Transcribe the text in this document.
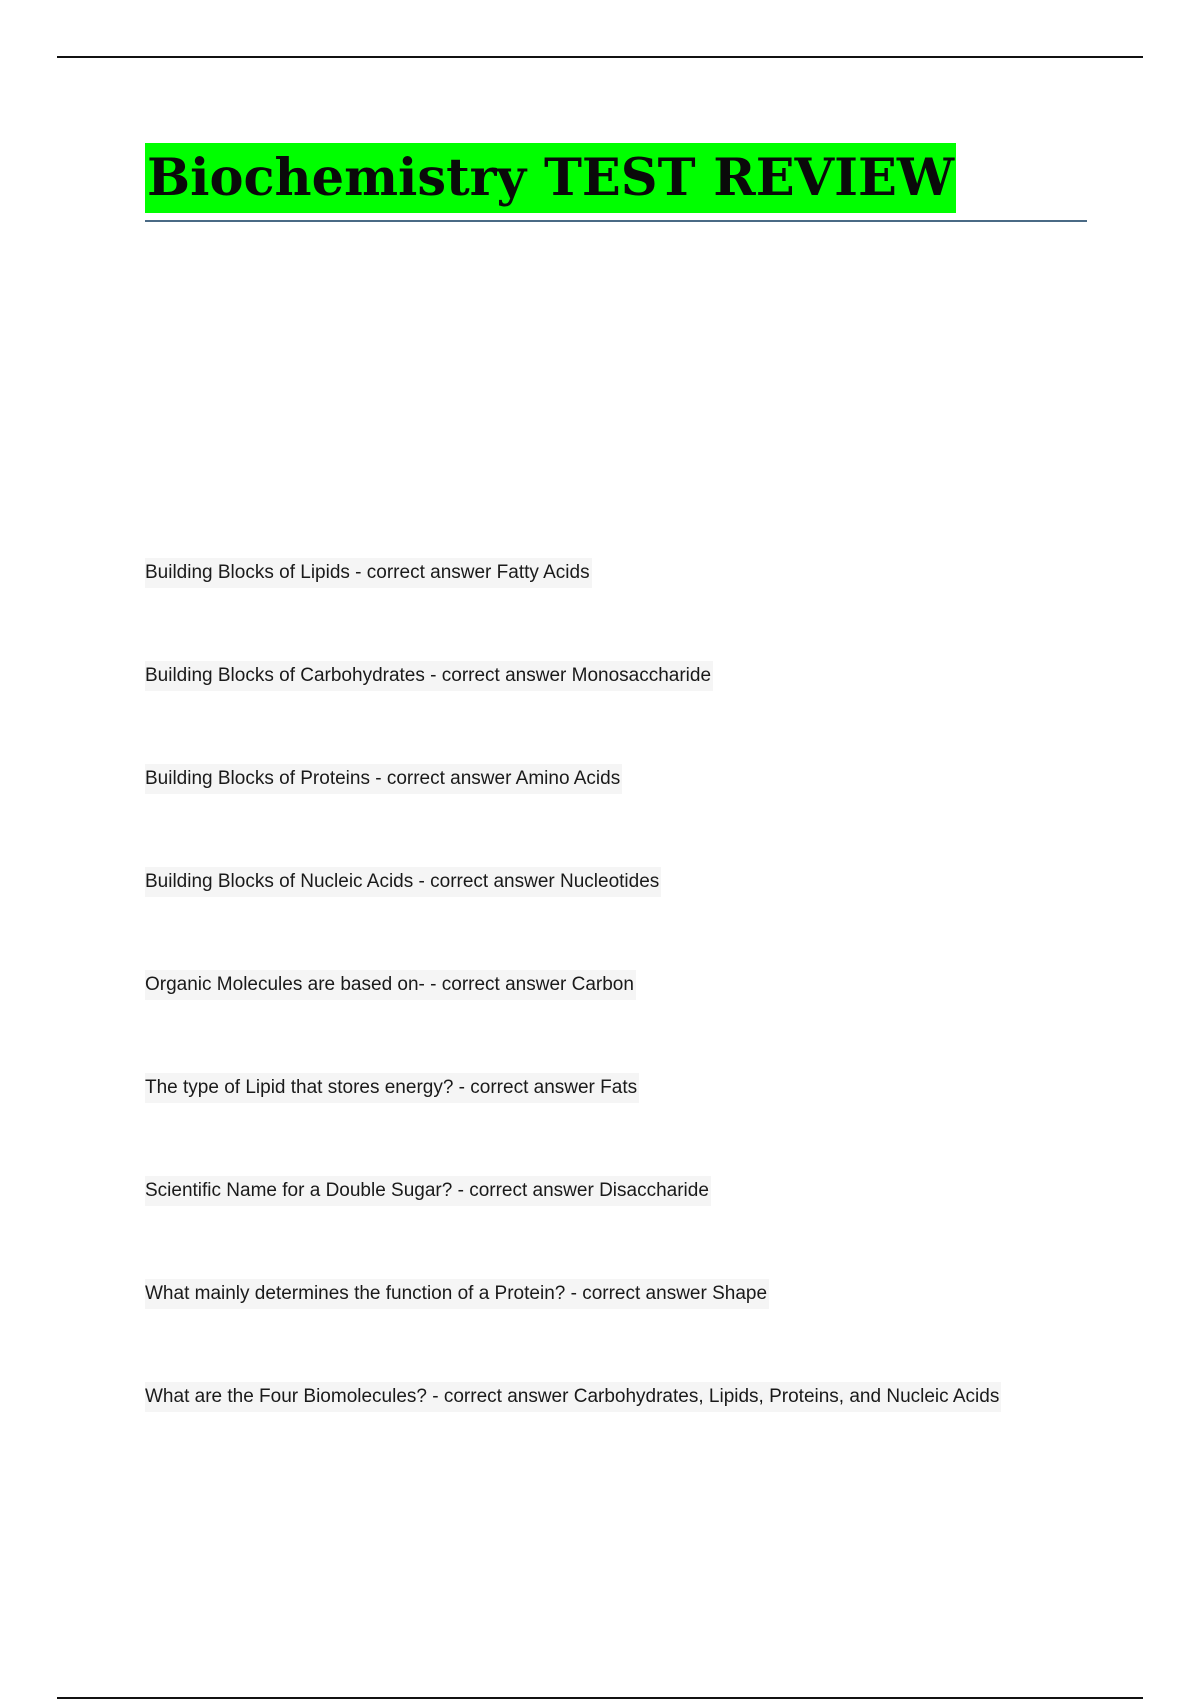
Biochemistry TEST REVIEW
Building Blocks of Lipids - correct answer Fatty Acids
Building Blocks of Carbohydrates - correct answer Monosaccharide
Building Blocks of Proteins - correct answer Amino Acids
Building Blocks of Nucleic Acids - correct answer Nucleotides
Organic Molecules are based on- - correct answer Carbon
The type of Lipid that stores energy? - correct answer Fats
Scientific Name for a Double Sugar? - correct answer Disaccharide
What mainly determines the function of a Protein? - correct answer Shape
What are the Four Biomolecules? - correct answer Carbohydrates, Lipids, Proteins, and Nucleic Acids
